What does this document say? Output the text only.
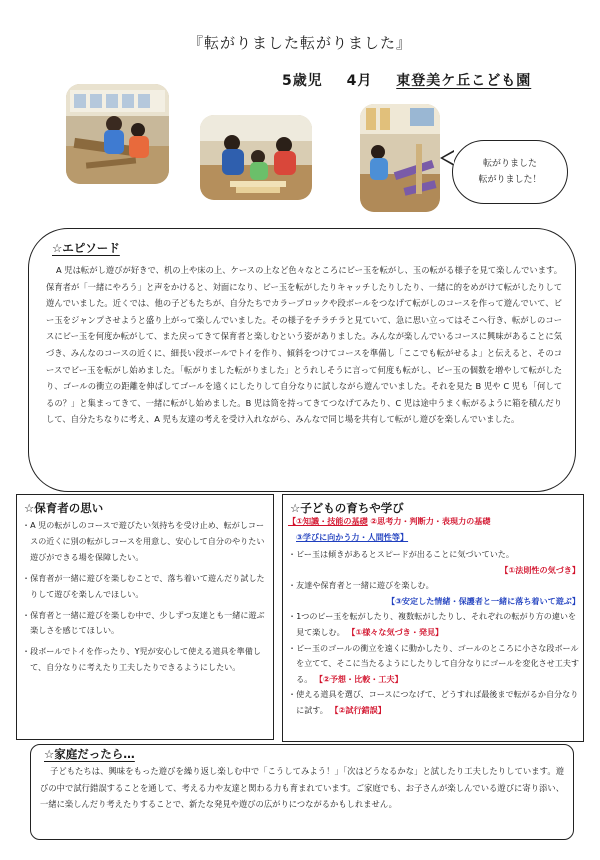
『転がりました転がりました』
5歳児 4月 東登美ケ丘こども園
転がりました
転がりました！
☆エピソード

A 児は転がし遊びが好きで、机の上や床の上、ケースの上など色々なところにビー玉を転がし、玉の転がる様子を見て楽しんでいます。保育者が「一緒にやろう」と声をかけると、対面になり、ビー玉を転がしたりキャッチしたりしたり、一緒に的をめがけて転がしたりして遊んでいました。近くでは、他の子どもたちが、自分たちでカラーブロックや段ボールをつなげて転がしのコースを作って遊んでいて、ビー玉をジャンプさせようと盛り上がって楽しんでいました。その様子をチラチラと見ていて、急に思い立ってはそこへ行き、転がしのコースにビー玉を何度か転がして、また戻ってきて保育者と楽しむという姿がありました。みんなが楽しんでいるコースに興味があることに気づき、みんなのコースの近くに、細長い段ボールでトイを作り、傾斜をつけてコースを準備し「ここでも転がせるよ」と伝えると、そのコースでビー玉を転がし始めました。「転がりました転がりました」とうれしそうに言って何度も転がし、ビー玉の個数を増やして転がしたり、ゴールの衝立の距離を伸ばしてゴールを遠くにしたりして自分なりに試しながら遊んでいました。それを見た B 児や C 児も「何してるの？」と集まってきて、一緒に転がし始めました。B 児は筒を持ってきてつなげてみたり、C 児は途中うまく転がるように箱を積んだりして、自分たちなりに考え、A 児も友達の考えを受け入れながら、みんなで同じ場を共有して転がし遊びを楽しんでいました。

☆保育者の思い
・A 児の転がしのコースで遊びたい気持ちを受け止め、転がしコースの近くに別の転がしコースを用意し、安心して自分のやりたい遊びができる場を保障したい。
・保育者が一緒に遊びを楽しむことで、落ち着いて遊んだり試したりして遊びを楽しんでほしい。
・保育者と一緒に遊びを楽しむ中で、少しずつ友達とも一緒に遊ぶ楽しさを感じてほしい。
・段ボールでトイを作ったり、Y児が安心して使える道具を準備して、自分なりに考えたり工夫したりできるようにしたい。
☆子どもの育ちや学び
【①知識・技能の基礎 ②思考力・判断力・表現力の基礎
③学びに向かう力・人間性等】
・ビー玉は傾きがあるとスピードが出ることに気づいていた。
【①法則性の気づき】
・友達や保育者と一緒に遊びを楽しむ。
【③安定した情緒・保護者と一緒に落ち着いて遊ぶ】
・1つのビー玉を転がしたり、複数転がしたりし、それぞれの転がり方の違いを見て楽しむ。 【①様々な気づき・発見】
・ビー玉のゴールの衝立を遠くに動かしたり、ゴールのところに小さな段ボールを立てて、そこに当たるようにしたりして自分なりにゴールを変化させ工夫する。 【②予想・比較・工夫】
・使える道具を選び、コースにつなげて、どうすれば最後まで転がるか自分なりに試す。 【②試行錯誤】
☆家庭だったら…

子どもたちは、興味をもった遊びを繰り返し楽しむ中で「こうしてみよう！」「次はどうなるかな」と試したり工夫したりしています。遊びの中で試行錯誤することを通して、考える力や友達と関わる力も育まれています。ご家庭でも、お子さんが楽しんでいる遊びに寄り添い、一緒に楽しんだり考えたりすることで、新たな発見や遊びの広がりにつながるかもしれません。
